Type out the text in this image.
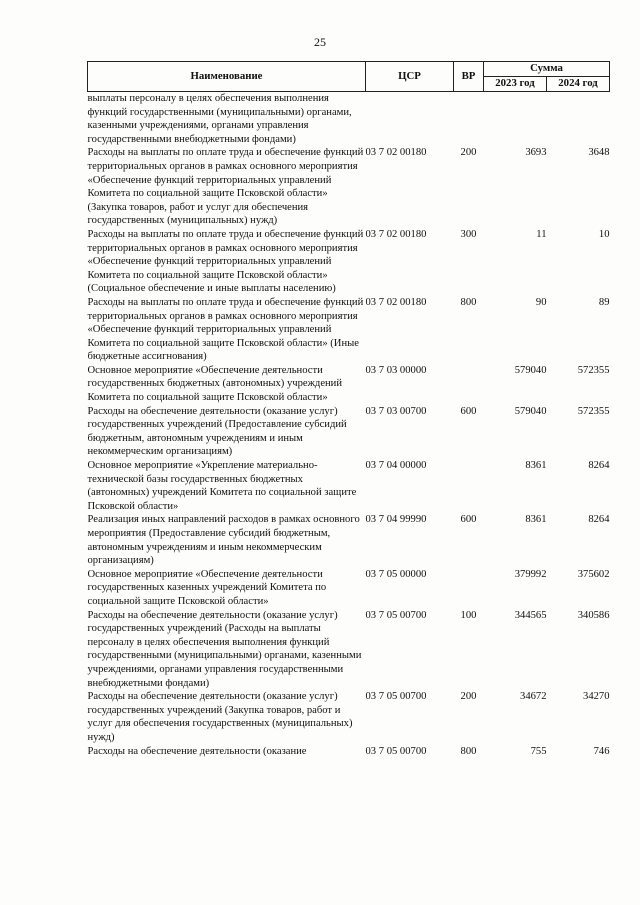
25
Наименование	ЦСР	ВР	Сумма	
			2023 год	2024 год
выплаты персоналу в целях обеспечения выполнения функций государственными (муниципальными) органами, казенными учреждениями, органами управления государственными внебюджетными фондами)				
Расходы на выплаты по оплате труда и обеспечение функций территориальных органов в рамках основного мероприятия «Обеспечение функций территориальных управлений Комитета по социальной защите Псковской области» (Закупка товаров, работ и услуг для обеспечения государственных (муниципальных) нужд)	03 7 02 00180	200	3693	3648
Расходы на выплаты по оплате труда и обеспечение функций территориальных органов в рамках основного мероприятия «Обеспечение функций территориальных управлений Комитета по социальной защите Псковской области» (Социальное обеспечение и иные выплаты населению)	03 7 02 00180	300	11	10
Расходы на выплаты по оплате труда и обеспечение функций территориальных органов в рамках основного мероприятия «Обеспечение функций территориальных управлений Комитета по социальной защите Псковской области» (Иные бюджетные ассигнования)	03 7 02 00180	800	90	89
Основное мероприятие «Обеспечение деятельности государственных бюджетных (автономных) учреждений Комитета по социальной защите Псковской области»	03 7 03 00000		579040	572355
Расходы на обеспечение деятельности (оказание услуг) государственных учреждений (Предоставление субсидий бюджетным, автономным учреждениям и иным некоммерческим организациям)	03 7 03 00700	600	579040	572355
Основное мероприятие «Укрепление материально-технической базы государственных бюджетных (автономных) учреждений Комитета по социальной защите Псковской области»	03 7 04 00000		8361	8264
Реализация иных направлений расходов в рамках основного мероприятия (Предоставление субсидий бюджетным, автономным учреждениям и иным некоммерческим организациям)	03 7 04 99990	600	8361	8264
Основное мероприятие «Обеспечение деятельности государственных казенных учреждений Комитета по социальной защите Псковской области»	03 7 05 00000		379992	375602
Расходы на обеспечение деятельности (оказание услуг) государственных учреждений (Расходы на выплаты персоналу в целях обеспечения выполнения функций государственными (муниципальными) органами, казенными учреждениями, органами управления государственными внебюджетными фондами)	03 7 05 00700	100	344565	340586
Расходы на обеспечение деятельности (оказание услуг) государственных учреждений (Закупка товаров, работ и услуг для обеспечения государственных (муниципальных) нужд)	03 7 05 00700	200	34672	34270
Расходы на обеспечение деятельности (оказание	03 7 05 00700	800	755	746
